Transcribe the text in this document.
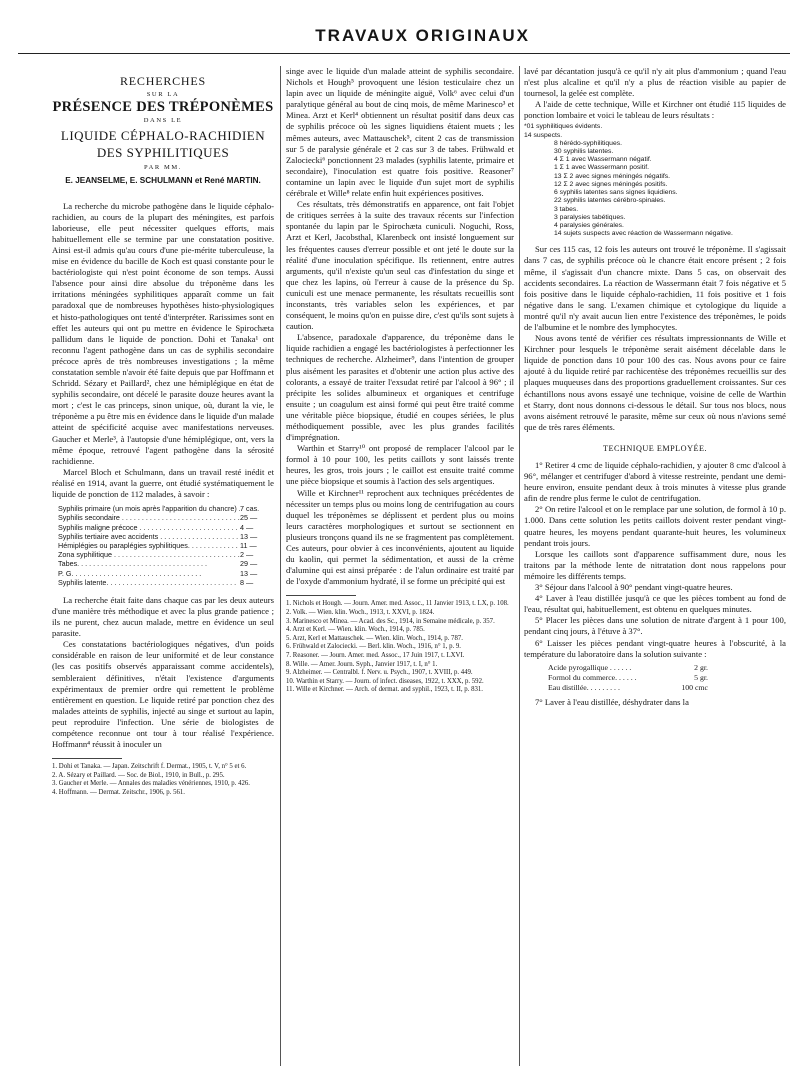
TRAVAUX ORIGINAUX
RECHERCHES
SUR LA
PRÉSENCE DES TRÉPONÈMES
DANS LE
LIQUIDE CÉPHALO-RACHIDIEN
DES SYPHILITIQUES
PAR MM.
E. JEANSELME, E. SCHULMANN et René MARTIN.

La recherche du microbe pathogène dans le liquide céphalo-rachidien, au cours de la plupart des méningites, est parfois laborieuse, elle peut nécessiter quelques efforts, mais habituellement elle se termine par une constatation positive. Ainsi est-il admis qu'au cours d'une pie-mérite tuberculeuse, la mise en évidence du bacille de Koch est quasi constante pour le bactériologiste qui n'est point économe de son temps. Aussi l'absence pour ainsi dire absolue du tréponème dans les irritations méningées syphilitiques apparaît comme un fait paradoxal que de nombreuses hypothèses histo-physiologiques et histo-pathologiques ont tenté d'interpréter. Rarissimes sont en effet les auteurs qui ont pu mettre en évidence le Spirochæta pallidum dans le liquide de ponction. Dohi et Tanaka¹ ont reconnu l'agent pathogène dans un cas de syphilis secondaire précoce après de très nombreuses investigations ; la même constatation semble n'avoir été faite depuis que par Hoffmann et Schridd. Sézary et Paillard², chez une hémiplégique en état de syphilis secondaire, ont décelé le parasite douze heures avant la mort ; c'est le cas princeps, sinon unique, où, durant la vie, le tréponème a pu être mis en évidence dans le liquide d'un malade atteint de spécificité acquise avec manifestations nerveuses. Gaucher et Merle³, à l'autopsie d'une hémiplégique, ont, vers la même époque, retrouvé l'agent pathogène dans la sérosité rachidienne.

Marcel Bloch et Schulmann, dans un travail resté inédit et réalisé en 1914, avant la guerre, ont étudié systématiquement le liquide de ponction de 112 malades, à savoir :

Syphilis primaire (un mois après l'apparition du chancre) . . . 7 cas.
Syphilis secondaire . . .	25 —
Syphilis maligne précoce . . .	4 —
Syphilis tertiaire avec accidents . . .	13 —
Hémiplégies ou paraplégies syphilitiques. . . .	11 —
Zona syphilitique . . .	2 —
Tabes. . . .	29 —
P. G. . . .	13 —
Syphilis latente. . . .	8 —

La recherche était faite dans chaque cas par les deux auteurs d'une manière très méthodique et avec la plus grande patience ; ils ne purent, chez aucun malade, mettre en évidence un seul parasite.

Ces constatations bactériologiques négatives, d'un poids considérable en raison de leur uniformité et de leur constance (les cas positifs observés apparaissant comme accidentels), sembleraient définitives, n'était l'existence d'arguments expérimentaux de premier ordre qui remettent le problème entièrement en question. Le liquide retiré par ponction chez des malades atteints de syphilis, injecté au singe et surtout au lapin, peut reproduire l'infection. Une série de biologistes de compétence reconnue ont tour à tour réalisé l'expérience. Hoffmann⁴ réussit à inoculer un

1. Dohi et Tanaka. — Japan. Zeitschrift f. Dermat., 1905, t. V, n° 5 et 6.

2. A. Sézary et Paillard. — Soc. de Biol., 1910, in Bull., p. 295.

3. Gaucher et Merle. — Annales des maladies vénériennes, 1910, p. 426.

4. Hoffmann. — Dermat. Zeitschr., 1906, p. 561.

singe avec le liquide d'un malade atteint de syphilis secondaire. Nichols et Hough⁵ provoquent une lésion testiculaire chez un lapin avec un liquide de méningite aiguë, Volk⁶ avec celui d'un paralytique général au bout de cinq mois, de même Marinesco³ et Minea. Arzt et Kerl⁴ obtiennent un résultat positif dans deux cas de syphilis précoce où les signes liquidiens étaient muets ; les mêmes auteurs, avec Mattauschek⁵, citent 2 cas de transmission sur 5 de paralysie générale et 2 cas sur 3 de tabes. Frühwald et Zalociecki⁶ ponctionnent 23 malades (syphilis latente, primaire et secondaire), l'inoculation est quatre fois positive. Reasoner⁷ contamine un lapin avec le liquide d'un sujet mort de syphilis cérébrale et Wille⁸ relate enfin huit expériences positives.

Ces résultats, très démonstratifs en apparence, ont fait l'objet de critiques serrées à la suite des travaux récents sur l'infection spontanée du lapin par le Spirochæta cuniculi. Noguchi, Ross, Arzt et Kerl, Jacobsthal, Klarenbeck ont insisté longuement sur les fréquentes causes d'erreur possible et ont jeté le doute sur la réalité d'une inoculation spécifique. Ils retiennent, entre autres arguments, qu'il n'existe qu'un seul cas d'infestation du singe et que chez les lapins, où l'erreur à cause de la présence du Sp. cuniculi est une menace permanente, les résultats recueillis sont inconstants, très variables selon les expériences, et par conséquent, le moins qu'on en puisse dire, c'est qu'ils sont sujets à caution.

L'absence, paradoxale d'apparence, du tréponème dans le liquide rachidien a engagé les bactériologistes à perfectionner les techniques de recherche. Alzheimer⁹, dans l'intention de grouper plus aisément les parasites et d'obtenir une action plus active des colorants, a essayé de traiter l'exsudat retiré par l'alcool à 96° ; il précipite les solides albumineux et organiques et centrifuge ensuite ; un coagulum est ainsi formé qui peut être traité comme une véritable pièce biopsique, étudié en coupes sériées, le plus méthodiquement possible, avec les plus grandes facilités d'imprégnation.

Warthin et Starry¹⁰ ont proposé de remplacer l'alcool par le formol à 10 pour 100, les petits caillots y sont laissés trente heures, les gros, trois jours ; le caillot est ensuite traité comme une pièce biopsique et soumis à l'action des sels argentiques.

Wille et Kirchner¹¹ reprochent aux techniques précédentes de nécessiter un temps plus ou moins long de centrifugation au cours duquel les tréponèmes se déplissent et perdent plus ou moins leurs caractères morphologiques et surtout se sectionnent en plusieurs tronçons quand ils ne se fragmentent pas complètement. Ces auteurs, pour obvier à ces inconvénients, ajoutent au liquide du kaolin, qui permet la sédimentation, et aussi de la crème d'alumine qui est ainsi préparée : de l'alun ordinaire est traité par de l'oxyde d'ammonium hydraté, il se forme un précipité qui est

1. Nichols et Hough. — Journ. Amer. med. Assoc., 11 Janvier 1913, t. LX, p. 108.

2. Volk. — Wien. klin. Woch., 1913, t. XXVI, p. 1824.

3. Marinesco et Minea. — Acad. des Sc., 1914, in Semaine médicale, p. 357.

4. Arzt et Kerl. — Wien. klin. Woch., 1914, p. 785.

5. Arzt, Kerl et Mattauschek. — Wien. klin. Woch., 1914, p. 787.

6. Frühwald et Zalociecki. — Berl. klin. Woch., 1916, n° 1, p. 9.

7. Reasoner. — Journ. Amer. med. Assoc., 17 Juin 1917, t. LXVI.

8. Wille. — Amer. Journ. Syph., Janvier 1917, t. I, n° 1.

9. Alzheimer. — Centralbl. f. Nerv. u. Psych., 1907, t. XVIII, p. 449.

10. Warthin et Starry. — Journ. of infect. diseases, 1922, t. XXX, p. 592.

11. Wille et Kirchner. — Arch. of dermat. and syphil., 1923, t. II, p. 831.

lavé par décantation jusqu'à ce qu'il n'y ait plus d'ammonium ; quand l'eau n'est plus alcaline et qu'il n'y a plus de réaction visible au papier de tournesol, la gelée est complète.

A l'aide de cette technique, Wille et Kirchner ont étudié 115 liquides de ponction lombaire et voici le tableau de leurs résultats :

*01 syphilitiques évidents.
14 suspects.
8 hérédo-syphilitiques.
30 syphilis latentes.
4 Σ 1 avec Wassermann négatif.
1 Σ 1 avec Wassermann positif.
13 Σ 2 avec signes méningés négatifs.
12 Σ 2 avec signes méningés positifs.
6 syphilis latentes sans signes liquidiens.
22 syphilis latentes cérébro-spinales.
3 tabes.
3 paralysies tabétiques.
4 paralysies générales.
14 sujets suspects avec réaction de Wassermann négative.

Sur ces 115 cas, 12 fois les auteurs ont trouvé le tréponème. Il s'agissait dans 7 cas, de syphilis précoce où le chancre était encore présent ; 2 fois même, il s'agissait d'un chancre mixte. Dans 5 cas, on observait des accidents secondaires. La réaction de Wassermann était 7 fois négative et 5 fois positive dans le liquide céphalo-rachidien, 11 fois positive et 1 fois négative dans le sang. L'examen chimique et cytologique du liquide a montré qu'il n'y avait aucun lien entre l'existence des tréponèmes, le poids de l'albumine et le nombre des lymphocytes.

Nous avons tenté de vérifier ces résultats impressionnants de Wille et Kirchner pour lesquels le tréponème serait aisément décelable dans le liquide de ponction dans 10 pour 100 des cas. Nous avons pour ce faire ajouté à du liquide retiré par rachicentèse des tréponèmes recueillis sur des plaques muqueuses dans des proportions graduellement croissantes. Sur ces échantillons nous avons essayé une technique, voisine de celle de Warthin et Starry, dont nous donnons ci-dessous le détail. Sur tous nos blocs, nous avons aisément retrouvé le parasite, même sur ceux où nous n'avions semé que de très rares éléments.

TECHNIQUE EMPLOYÉE.

1° Retirer 4 cmc de liquide céphalo-rachidien, y ajouter 8 cmc d'alcool à 96°, mélanger et centrifuger d'abord à vitesse restreinte, pendant une demi-heure environ, ensuite pendant deux à trois minutes à vitesse plus grande afin de rendre plus ferme le culot de centrifugation.

2° On retire l'alcool et on le remplace par une solution, de formol à 10 p. 1.000. Dans cette solution les petits caillots doivent rester pendant vingt-quatre heures, les moyens pendant quarante-huit heures, les volumineux pendant trois jours.

Lorsque les caillots sont d'apparence suffisamment dure, nous les traitons par la méthode lente de nitratation dont nous rappelons pour mémoire les différents temps.

3° Séjour dans l'alcool à 90° pendant vingt-quatre heures.

4° Laver à l'eau distillée jusqu'à ce que les pièces tombent au fond de l'eau, résultat qui, habituellement, est obtenu en quelques minutes.

5° Placer les pièces dans une solution de nitrate d'argent à 1 pour 100, pendant cinq jours, à l'étuve à 37°.

6° Laisser les pièces pendant vingt-quatre heures à l'obscurité, à la température du laboratoire dans la solution suivante :

Acide pyrogallique . . . . . .	2 gr.
Formol du commerce. . . . . .	5 gr.
Eau distillée. . . . . . . . .	100 cmc

7° Laver à l'eau distillée, déshydrater dans la
